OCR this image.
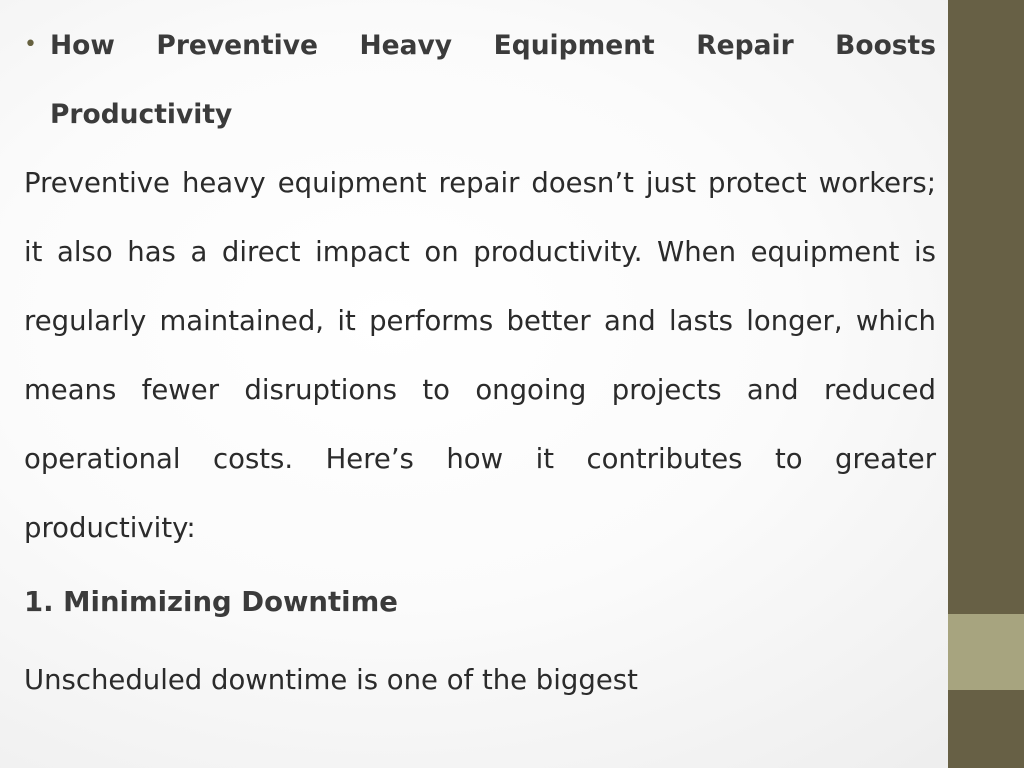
• How Preventive Heavy Equipment Repair Boosts Productivity

Preventive heavy equipment repair doesn’t just protect workers; it also has a direct impact on productivity. When equipment is regularly maintained, it performs better and lasts longer, which means fewer disruptions to ongoing projects and reduced operational costs. Here’s how it contributes to greater productivity:

1. Minimizing Downtime

Unscheduled downtime is one of the biggest
